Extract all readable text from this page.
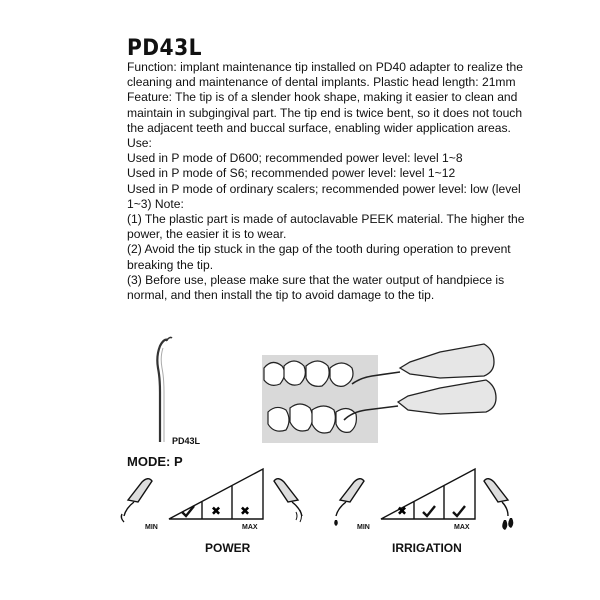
PD43L

Function: implant maintenance tip installed on PD40 adapter to realize the cleaning and maintenance of dental implants. Plastic head length: 21mm

Feature: The tip is of a slender hook shape, making it easier to clean and maintain in subgingival part. The tip end is twice bent, so it does not touch the adjacent teeth and buccal surface, enabling wider application areas.

Use:

Used in P mode of D600; recommended power level: level 1~8

Used in P mode of S6; recommended power level: level 1~12

Used in P mode of ordinary scalers; recommended power level: low (level 1~3) Note:

(1) The plastic part is made of autoclavable PEEK material. The higher the power, the easier it is to wear.

(2) Avoid the tip stuck in the gap of the tooth during operation to prevent breaking the tip.

(3) Before use, please make sure that the water output of handpiece is normal, and then install the tip to avoid damage to the tip.

PD43L
MODE: P
✖ ✖
MIN	MAX
POWER
✖
MIN	MAX
IRRIGATION
